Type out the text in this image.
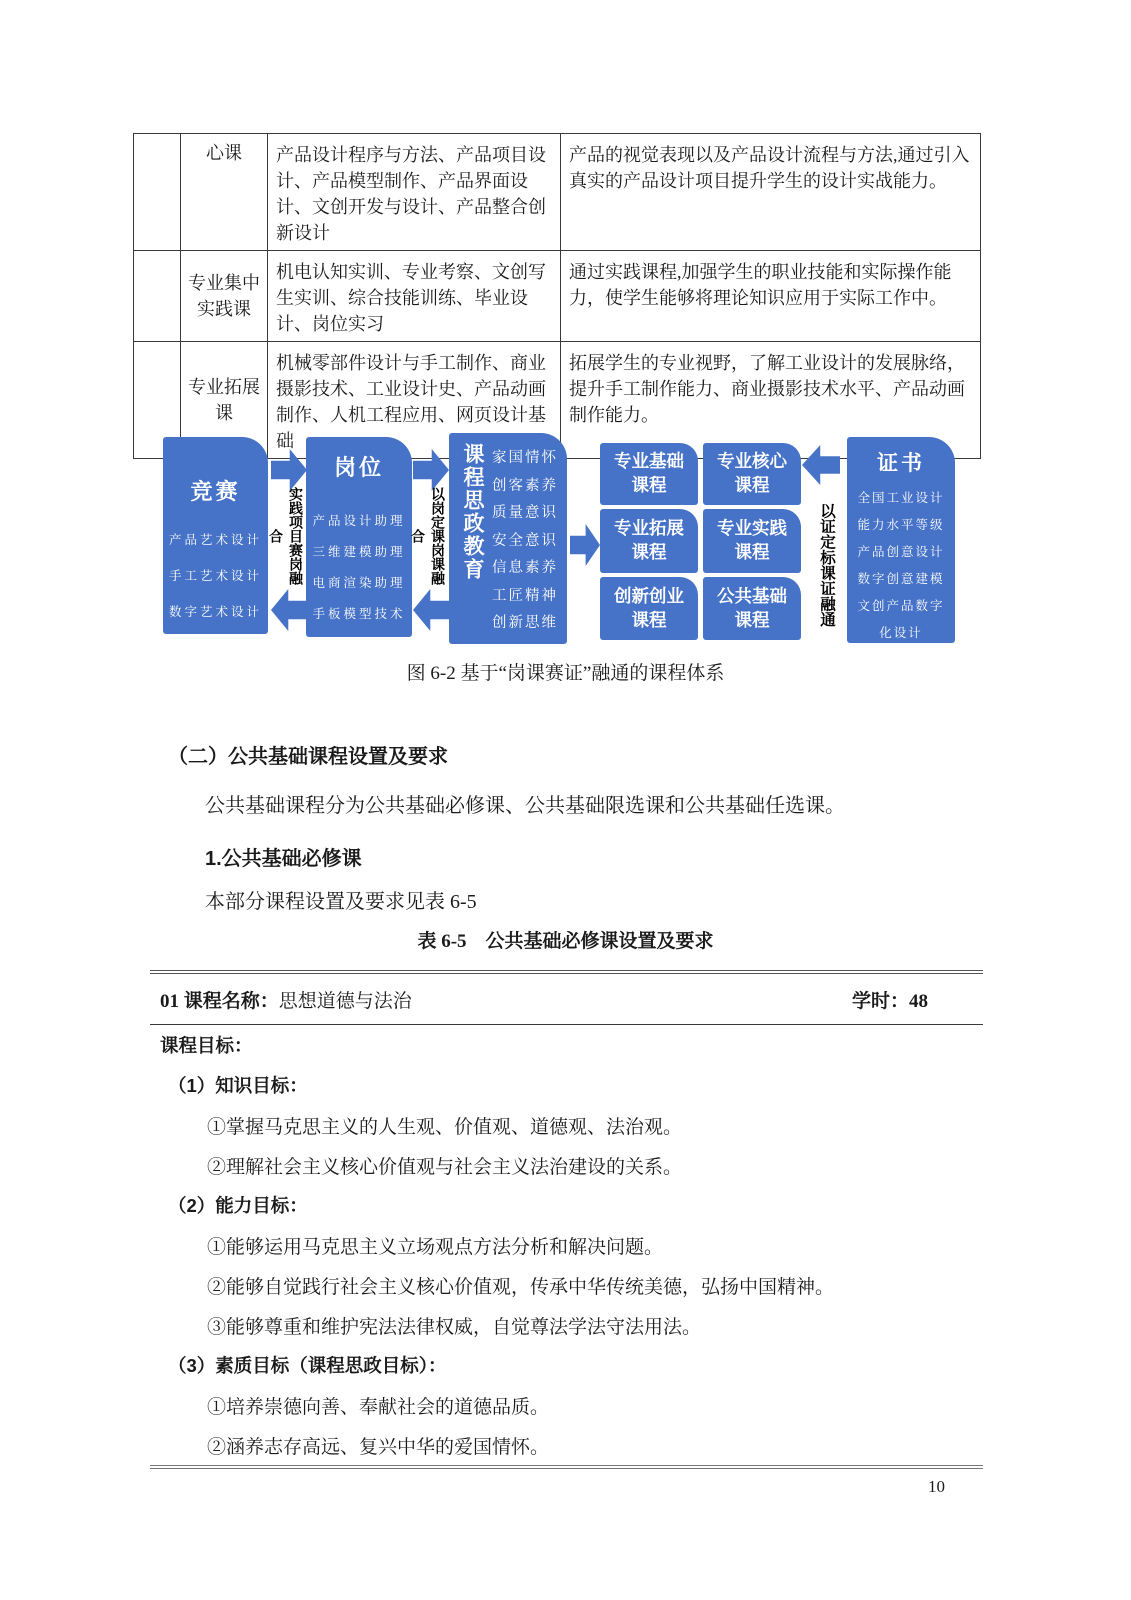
	心课	产品设计程序与方法、产品项目设计、产品模型制作、产品界面设计、文创开发与设计、产品整合创新设计	产品的视觉表现以及产品设计流程与方法,通过引入真实的产品设计项目提升学生的设计实战能力。
	专业集中实践课	机电认知实训、专业考察、文创写生实训、综合技能训练、毕业设计、岗位实习	通过实践课程,加强学生的职业技能和实际操作能力，使学生能够将理论知识应用于实际工作中。
	专业拓展课	机械零部件设计与手工制作、商业摄影技术、工业设计史、产品动画制作、人机工程应用、网页设计基础	拓展学生的专业视野，了解工业设计的发展脉络，提升手工制作能力、商业摄影技术水平、产品动画制作能力。
竞赛
产品艺术设计
手工艺术设计
数字艺术设计
实践项目赛岗融合
岗位
产品设计助理
三维建模助理
电商渲染助理
手板模型技术
以岗定课岗课融合	课程思政教育 家国情怀
创客素养
质量意识
安全意识
信息素养
工匠精神
创新思维
专业基础课程
专业核心课程
专业拓展课程
专业实践课程
创新创业课程
公共基础课程	以证定标课证融通
证书
全国工业设计
能力水平等级
产品创意设计
数字创意建模
文创产品数字
化设计
图 6-2 基于“岗课赛证”融通的课程体系
（二）公共基础课程设置及要求
公共基础课程分为公共基础必修课、公共基础限选课和公共基础任选课。
1.公共基础必修课
本部分课程设置及要求见表 6-5
表 6-5　公共基础必修课设置及要求
01 课程名称：思想道德与法治	学时：48
课程目标：
（1）知识目标：
①掌握马克思主义的人生观、价值观、道德观、法治观。
②理解社会主义核心价值观与社会主义法治建设的关系。
（2）能力目标：
①能够运用马克思主义立场观点方法分析和解决问题。
②能够自觉践行社会主义核心价值观，传承中华传统美德，弘扬中国精神。
③能够尊重和维护宪法法律权威，自觉尊法学法守法用法。
（3）素质目标（课程思政目标）：
①培养崇德向善、奉献社会的道德品质。
②涵养志存高远、复兴中华的爱国情怀。
10
